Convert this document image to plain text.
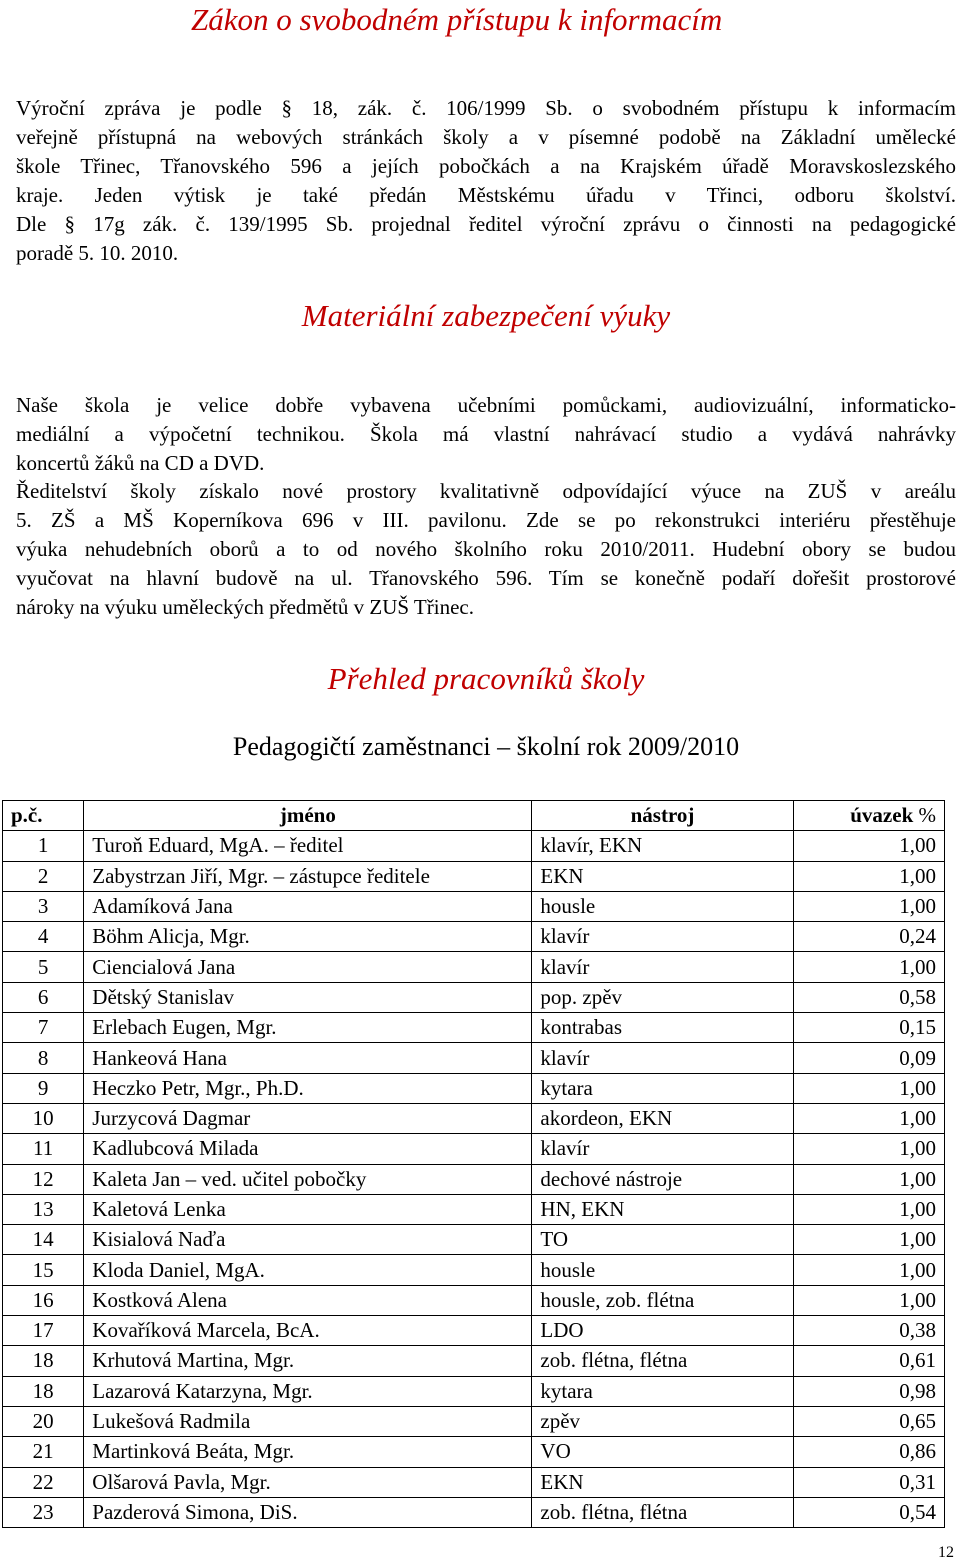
Zákon o svobodném přístupu k informacím
Výroční zpráva je podle § 18, zák. č. 106/1999 Sb. o svobodném přístupu k informacím
veřejně přístupná na webových stránkách školy a v písemné podobě na Základní umělecké
škole Třinec, Třanovského 596 a jejích pobočkách a na Krajském úřadě Moravskoslezského
kraje. Jeden výtisk je také předán Městskému úřadu v Třinci, odboru školství.
Dle § 17g zák. č. 139/1995 Sb. projednal ředitel výroční zprávu o činnosti na pedagogické
poradě 5. 10. 2010.
Materiální zabezpečení výuky
Naše škola je velice dobře vybavena učebními pomůckami, audiovizuální, informaticko-
mediální a výpočetní technikou. Škola má vlastní nahrávací studio a vydává nahrávky
koncertů žáků na CD a DVD.
Ředitelství školy získalo nové prostory kvalitativně odpovídající výuce na ZUŠ v areálu
5. ZŠ a MŠ Koperníkova 696 v III. pavilonu. Zde se po rekonstrukci interiéru přestěhuje
výuka nehudebních oborů a to od nového školního roku 2010/2011. Hudební obory se budou
vyučovat na hlavní budově na ul. Třanovského 596. Tím se konečně podaří dořešit prostorové
nároky na výuku uměleckých předmětů v ZUŠ Třinec.
Přehled pracovníků školy
Pedagogičtí zaměstnanci – školní rok 2009/2010
p.č.	jméno	nástroj	úvazek %
1	Turoň Eduard, MgA. – ředitel	klavír, EKN	1,00
2	Zabystrzan Jiří, Mgr. – zástupce ředitele	EKN	1,00
3	Adamíková Jana	housle	1,00
4	Böhm Alicja, Mgr.	klavír	0,24
5	Ciencialová Jana	klavír	1,00
6	Dětský Stanislav	pop. zpěv	0,58
7	Erlebach Eugen, Mgr.	kontrabas	0,15
8	Hankeová Hana	klavír	0,09
9	Heczko Petr, Mgr., Ph.D.	kytara	1,00
10	Jurzycová Dagmar	akordeon, EKN	1,00
11	Kadlubcová Milada	klavír	1,00
12	Kaleta Jan – ved. učitel pobočky	dechové nástroje	1,00
13	Kaletová Lenka	HN, EKN	1,00
14	Kisialová Naďa	TO	1,00
15	Kloda Daniel, MgA.	housle	1,00
16	Kostková Alena	housle, zob. flétna	1,00
17	Kovaříková Marcela, BcA.	LDO	0,38
18	Krhutová Martina, Mgr.	zob. flétna, flétna	0,61
18	Lazarová Katarzyna, Mgr.	kytara	0,98
20	Lukešová Radmila	zpěv	0,65
21	Martinková Beáta, Mgr.	VO	0,86
22	Olšarová Pavla, Mgr.	EKN	0,31
23	Pazderová Simona, DiS.	zob. flétna, flétna	0,54
12
